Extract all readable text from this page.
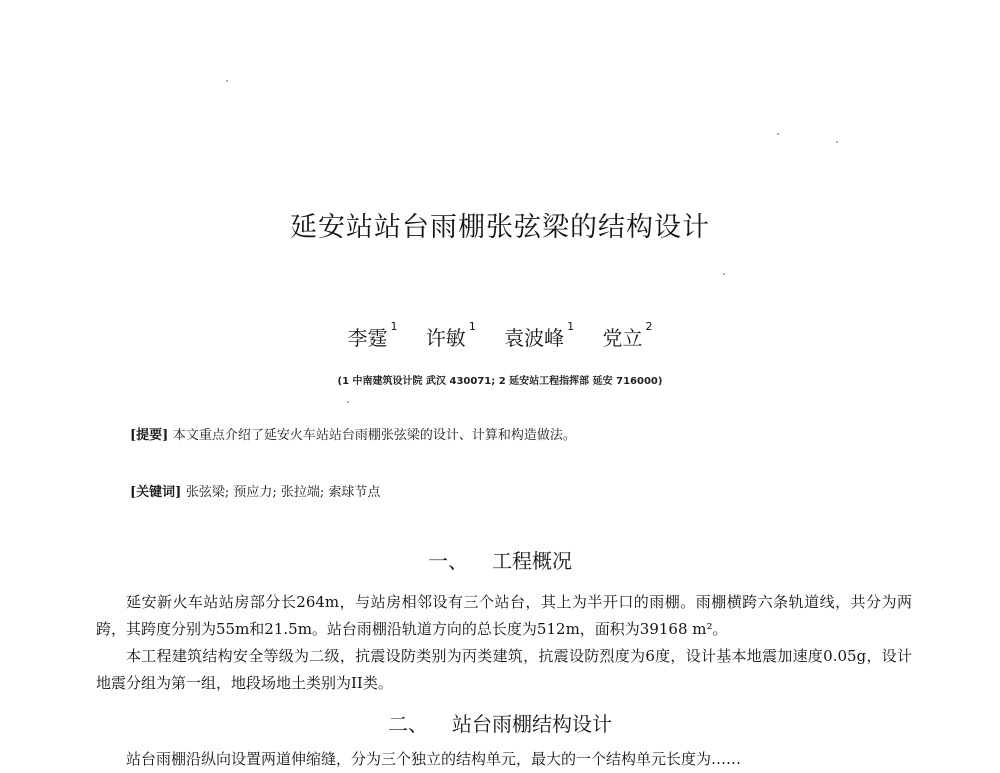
延安站站台雨棚张弦梁的结构设计
李霆 $^1$ 许敏 $^1$ 袁波峰 $^1$ 党立 $^2$
(1 中南建筑设计院 武汉 430071; 2 延安站工程指挥部 延安 716000)
[ 提要 ] 本文重点介绍了延安火车站站台雨棚张弦梁的设计、计算和构造做法。
[ 关键词 ] 张弦梁; 预应力; 张拉端; 索球节点
一、 工程概况

延安新火车站站房部分长264m，与站房相邻设有三个站台，其上为半开口的雨棚。雨棚横跨六条轨道线，共分为两跨，其跨度分别为55m和21.5m。站台雨棚沿轨道方向的总长度为512m，面积为39168 m²。

本工程建筑结构安全等级为二级，抗震设防类别为丙类建筑，抗震设防烈度为6度，设计基本地震加速度0.05g，设计地震分组为第一组，地段场地土类别为II类。

二、 站台雨棚结构设计

站台雨棚沿纵向设置两道伸缩缝，分为三个独立的结构单元，最大的一个结构单元长度为……
